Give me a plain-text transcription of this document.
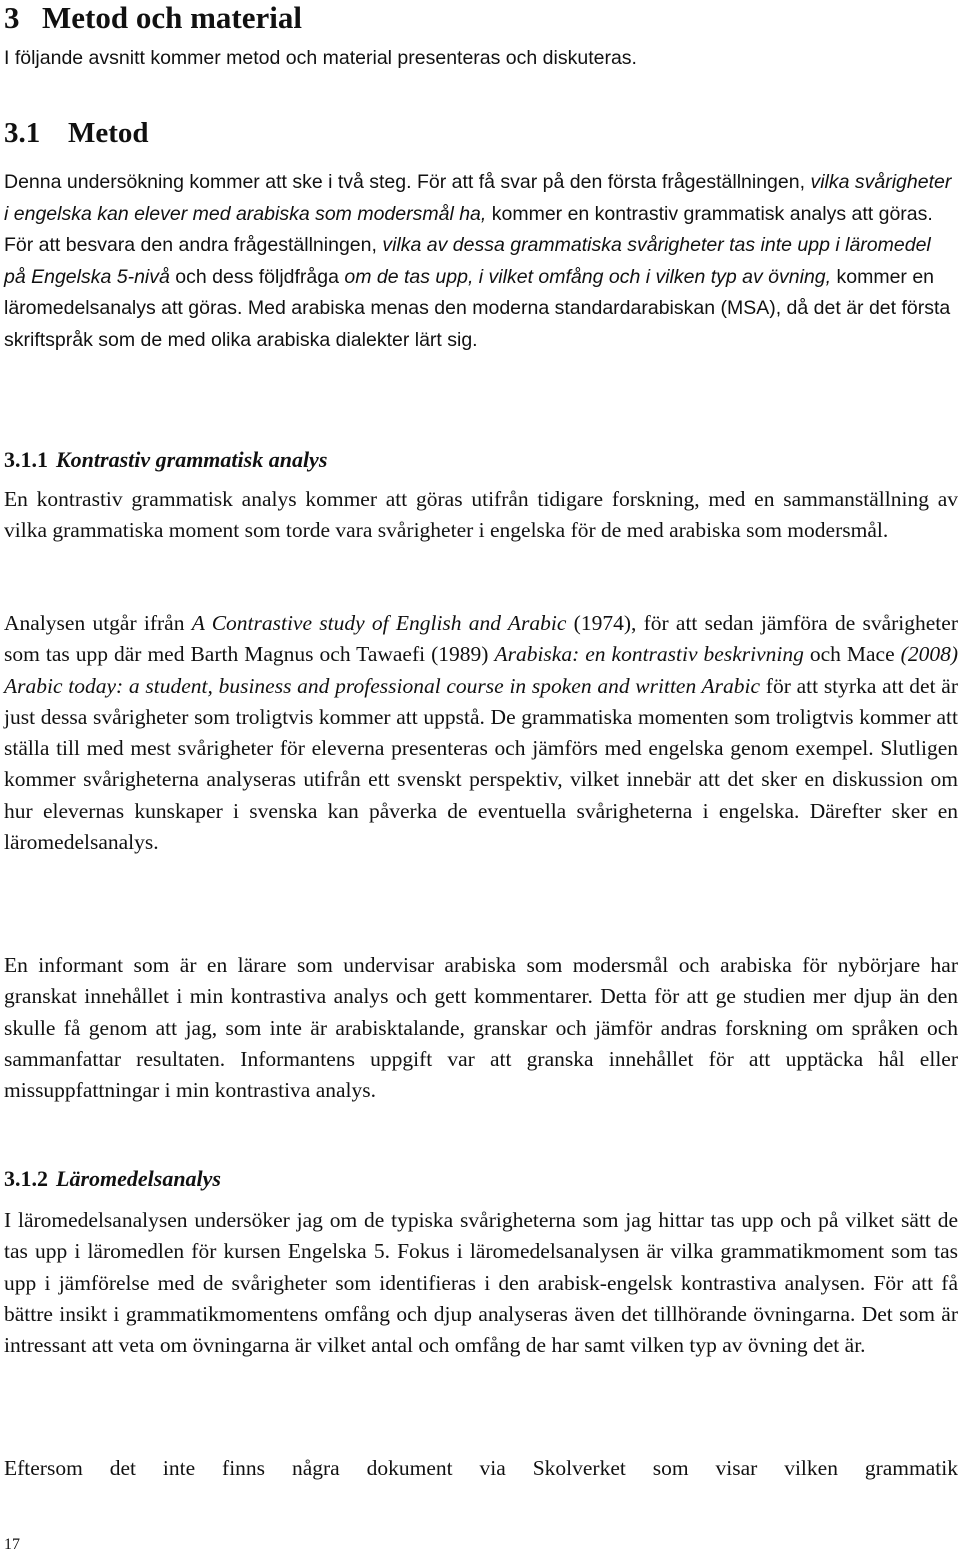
3 Metod och material

I följande avsnitt kommer metod och material presenteras och diskuteras.

3.1 Metod

Denna undersökning kommer att ske i två steg. För att få svar på den första frågeställningen, vilka svårigheter i engelska kan elever med arabiska som modersmål ha, kommer en kontrastiv grammatisk analys att göras. För att besvara den andra frågeställningen, vilka av dessa grammatiska svårigheter tas inte upp i läromedel på Engelska 5-nivå och dess följdfråga om de tas upp, i vilket omfång och i vilken typ av övning, kommer en läromedelsanalys att göras. Med arabiska menas den moderna standardarabiskan (MSA), då det är det första skriftspråk som de med olika arabiska dialekter lärt sig.

3.1.1 Kontrastiv grammatisk analys

En kontrastiv grammatisk analys kommer att göras utifrån tidigare forskning, med en sammanställning av vilka grammatiska moment som torde vara svårigheter i engelska för de med arabiska som modersmål.

Analysen utgår ifrån A Contrastive study of English and Arabic (1974), för att sedan jämföra de svårigheter som tas upp där med Barth Magnus och Tawaefi (1989) Arabiska: en kontrastiv beskrivning och Mace (2008) Arabic today: a student, business and professional course in spoken and written Arabic för att styrka att det är just dessa svårigheter som troligtvis kommer att uppstå. De grammatiska momenten som troligtvis kommer att ställa till med mest svårigheter för eleverna presenteras och jämförs med engelska genom exempel. Slutligen kommer svårigheterna analyseras utifrån ett svenskt perspektiv, vilket innebär att det sker en diskussion om hur elevernas kunskaper i svenska kan påverka de eventuella svårigheterna i engelska. Därefter sker en läromedelsanalys.

En informant som är en lärare som undervisar arabiska som modersmål och arabiska för nybörjare har granskat innehållet i min kontrastiva analys och gett kommentarer. Detta för att ge studien mer djup än den skulle få genom att jag, som inte är arabisktalande, granskar och jämför andras forskning om språken och sammanfattar resultaten. Informantens uppgift var att granska innehållet för att upptäcka hål eller missuppfattningar i min kontrastiva analys.

3.1.2 Läromedelsanalys

I läromedelsanalysen undersöker jag om de typiska svårigheterna som jag hittar tas upp och på vilket sätt de tas upp i läromedlen för kursen Engelska 5. Fokus i läromedelsanalysen är vilka grammatikmoment som tas upp i jämförelse med de svårigheter som identifieras i den arabisk-engelsk kontrastiva analysen. För att få bättre insikt i grammatikmomentens omfång och djup analyseras även det tillhörande övningarna. Det som är intressant att veta om övningarna är vilket antal och omfång de har samt vilken typ av övning det är.

Eftersom det inte finns några dokument via Skolverket som visar vilken grammatik

17
